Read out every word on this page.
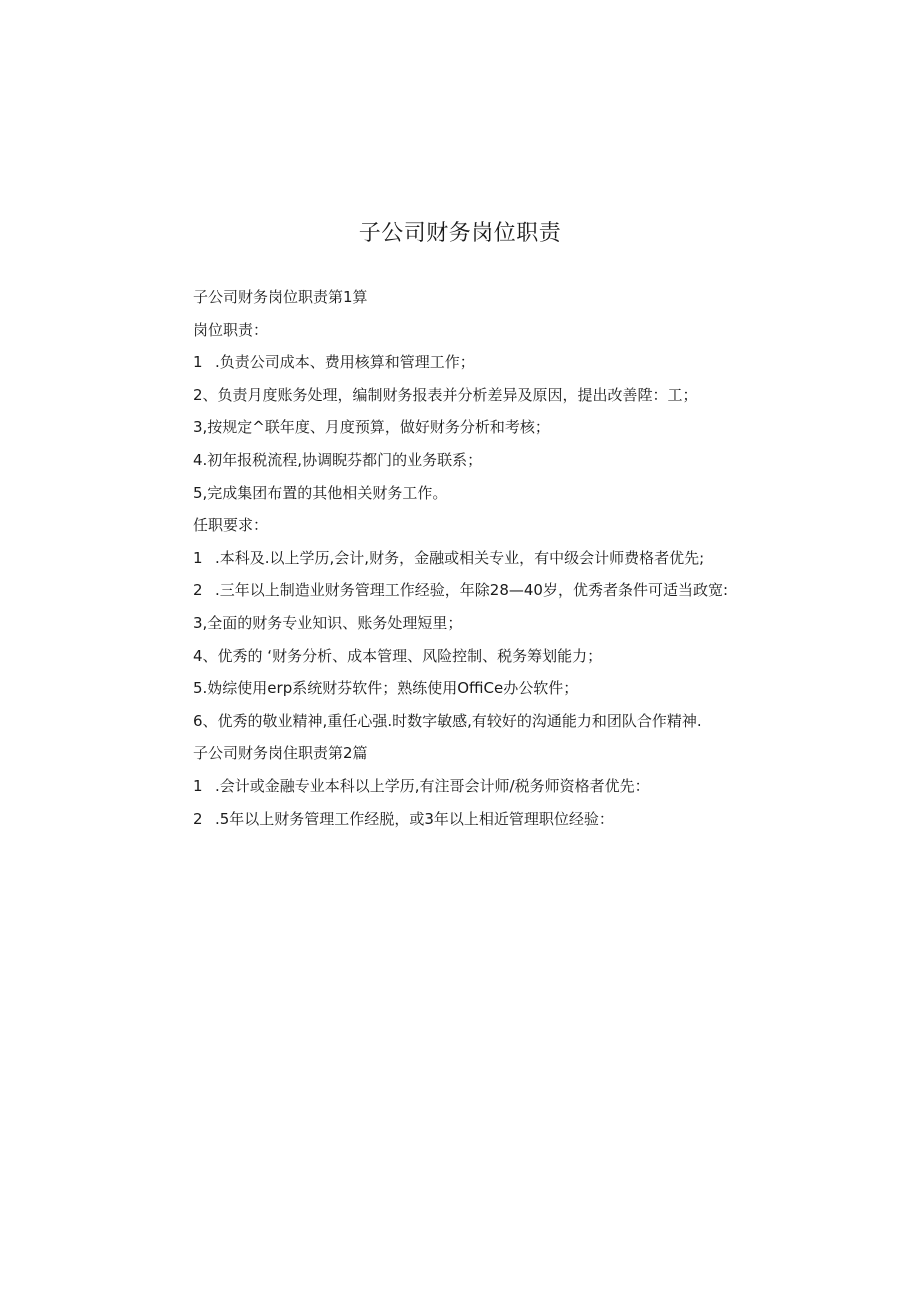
子公司财务岗位职责
子公司财务岗位职责第1算
岗位职责：
1 .负责公司成本、费用核算和管理工作；
2、负责月度账务处理，编制财务报表并分析差异及原因，提出改善陞：工；
3,按规定^联年度、月度预算，做好财务分析和考核；
4.初年报税流程,协调睨芬都门的业务联系；
5,完成集团布置的其他相关财务工作。
任职要求：
1 .本科及.以上学历,会计,财务，金融或相关专业，有中级会计师费格者优先;
2 .三年以上制造业财务管理工作经验，年除28—40岁，优秀者条件可适当政宽:
3,全面的财务专业知识、账务处理短里；
4、优秀的 ‘财务分析、成本管理、风险控制、税务筹划能力；
5.妫综使用erp系统财芬软件；熟练使用OffiCe办公软件；
6、优秀的敬业精神,重任心强.时数字敏感,有较好的沟通能力和团队合作精神.
子公司财务岗住职责第2篇
1 .会计或金融专业本科以上学历,有注哥会计师/税务师资格者优先：
2 .5年以上财务管理工作经脱，或3年以上相近管理职位经验：
